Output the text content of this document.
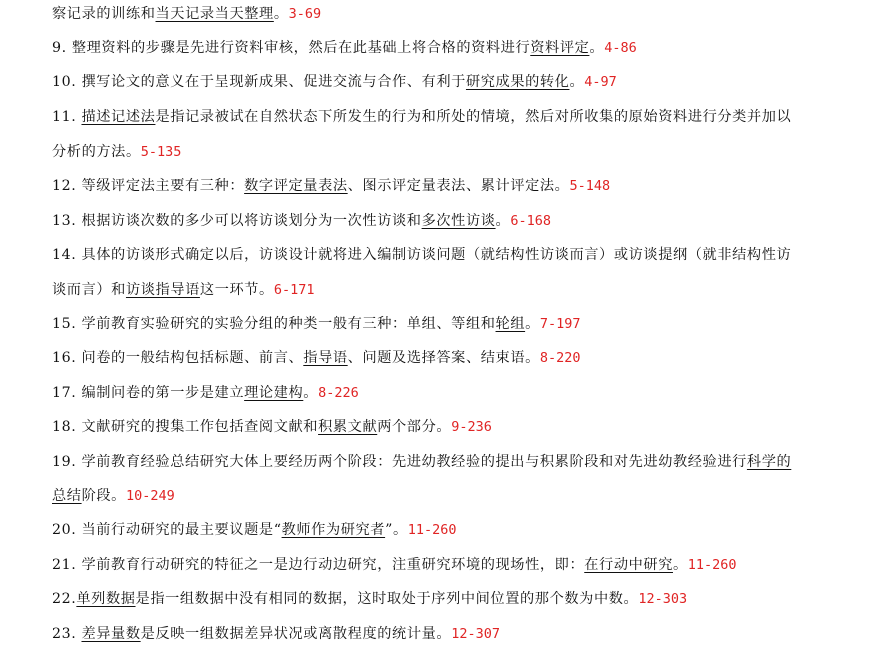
察记录的训练和当天记录当天整理。3-69
9. 整理资料的步骤是先进行资料审核，然后在此基础上将合格的资料进行资料评定。4-86
10. 撰写论文的意义在于呈现新成果、促进交流与合作、有利于研究成果的转化。4-97
11. 描述记述法是指记录被试在自然状态下所发生的行为和所处的情境，然后对所收集的原始资料进行分类并加以
分析的方法。5-135
12. 等级评定法主要有三种：数字评定量表法、图示评定量表法、累计评定法。5-148
13. 根据访谈次数的多少可以将访谈划分为一次性访谈和多次性访谈。6-168
14. 具体的访谈形式确定以后，访谈设计就将进入编制访谈问题（就结构性访谈而言）或访谈提纲（就非结构性访
谈而言）和访谈指导语这一环节。6-171
15. 学前教育实验研究的实验分组的种类一般有三种：单组、等组和轮组。7-197
16. 问卷的一般结构包括标题、前言、指导语、问题及选择答案、结束语。8-220
17. 编制问卷的第一步是建立理论建构。8-226
18. 文献研究的搜集工作包括查阅文献和积累文献两个部分。9-236
19. 学前教育经验总结研究大体上要经历两个阶段：先进幼教经验的提出与积累阶段和对先进幼教经验进行科学的
总结阶段。10-249
20. 当前行动研究的最主要议题是“教师作为研究者”。11-260
21. 学前教育行动研究的特征之一是边行动边研究，注重研究环境的现场性，即：在行动中研究。11-260
22.单列数据是指一组数据中没有相同的数据，这时取处于序列中间位置的那个数为中数。12-303
23. 差异量数是反映一组数据差异状况或离散程度的统计量。12-307
